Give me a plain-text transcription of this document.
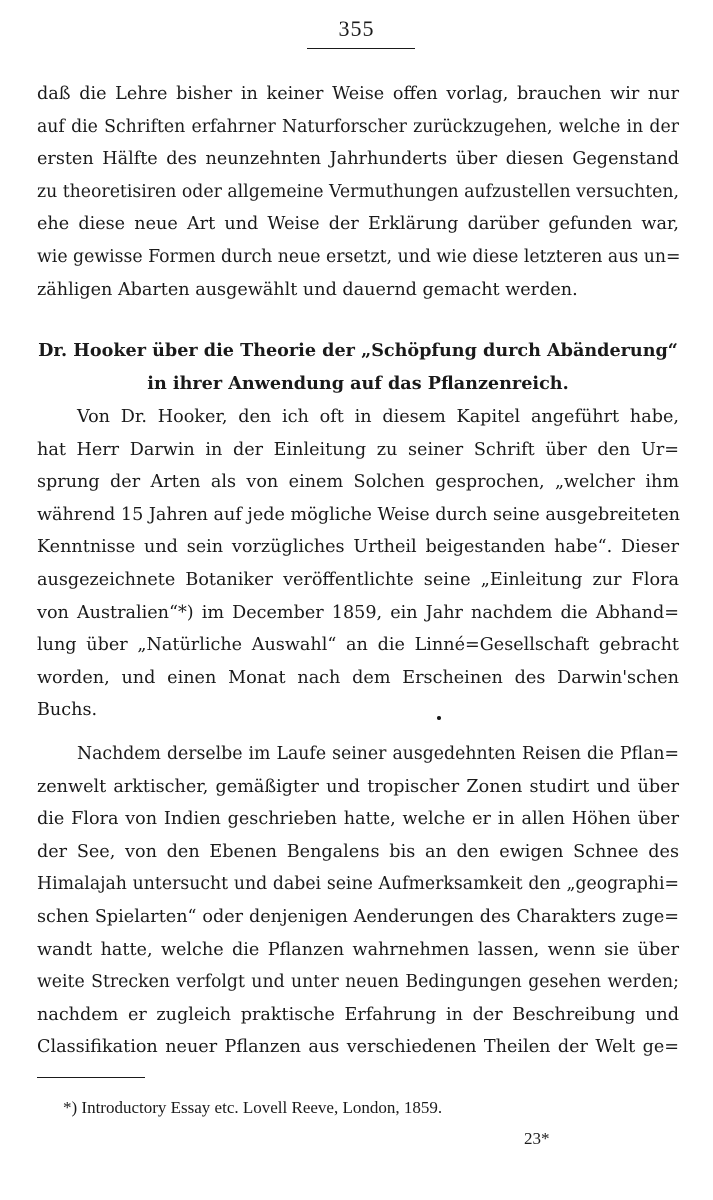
355
daß die Lehre bisher in keiner Weise offen vorlag, brauchen wir nur
auf die Schriften erfahrner Naturforscher zurückzugehen, welche in der
ersten Hälfte des neunzehnten Jahrhunderts über diesen Gegenstand
zu theoretisiren oder allgemeine Vermuthungen aufzustellen versuchten,
ehe diese neue Art und Weise der Erklärung darüber gefunden war,
wie gewisse Formen durch neue ersetzt, und wie diese letzteren aus un=
zähligen Abarten ausgewählt und dauernd gemacht werden.
Dr. Hooker über die Theorie der „Schöpfung durch Abänderung“
in ihrer Anwendung auf das Pflanzenreich.
Von Dr. Hooker, den ich oft in diesem Kapitel angeführt habe,
hat Herr Darwin in der Einleitung zu seiner Schrift über den Ur=
sprung der Arten als von einem Solchen gesprochen, „welcher ihm
während 15 Jahren auf jede mögliche Weise durch seine ausgebreiteten
Kenntnisse und sein vorzügliches Urtheil beigestanden habe“. Dieser
ausgezeichnete Botaniker veröffentlichte seine „Einleitung zur Flora
von Australien“*) im December 1859, ein Jahr nachdem die Abhand=
lung über „Natürliche Auswahl“ an die Linné=Gesellschaft gebracht
worden, und einen Monat nach dem Erscheinen des Darwin'schen
Buchs.
Nachdem derselbe im Laufe seiner ausgedehnten Reisen die Pflan=
zenwelt arktischer, gemäßigter und tropischer Zonen studirt und über
die Flora von Indien geschrieben hatte, welche er in allen Höhen über
der See, von den Ebenen Bengalens bis an den ewigen Schnee des
Himalajah untersucht und dabei seine Aufmerksamkeit den „geographi=
schen Spielarten“ oder denjenigen Aenderungen des Charakters zuge=
wandt hatte, welche die Pflanzen wahrnehmen lassen, wenn sie über
weite Strecken verfolgt und unter neuen Bedingungen gesehen werden;
nachdem er zugleich praktische Erfahrung in der Beschreibung und
Classifikation neuer Pflanzen aus verschiedenen Theilen der Welt ge=
*) Introductory Essay etc. Lovell Reeve, London, 1859.
23*
